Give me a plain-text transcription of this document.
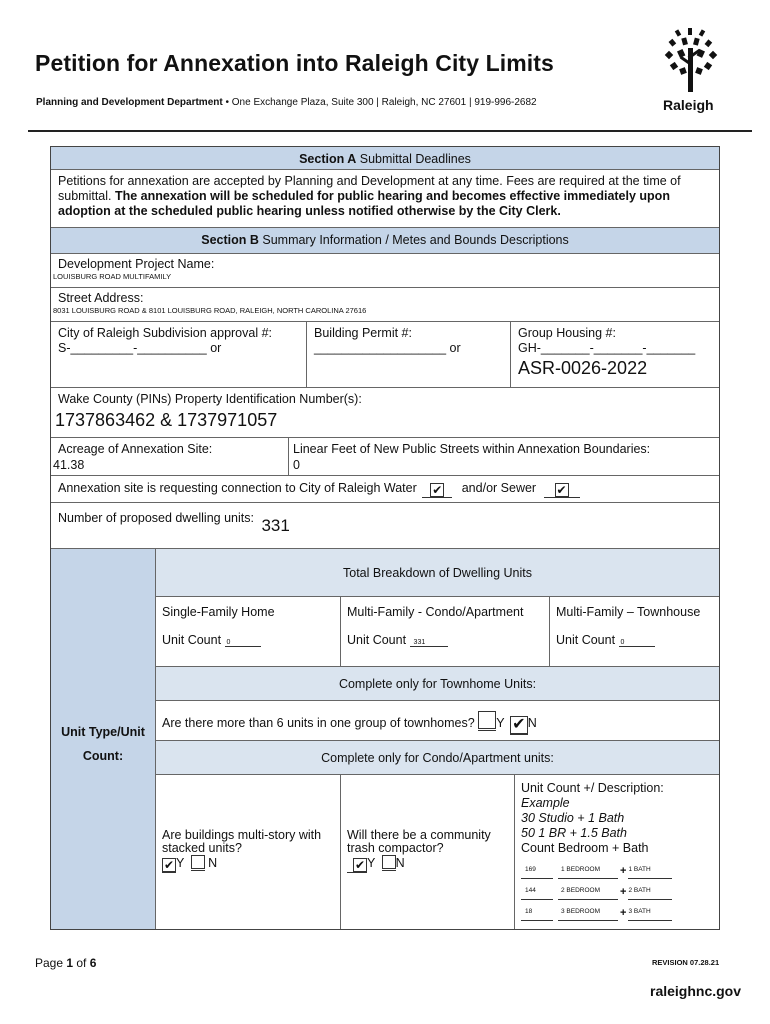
Petition for Annexation into Raleigh City Limits
Planning and Development Department • One Exchange Plaza, Suite 300 | Raleigh, NC 27601 | 919-996-2682	Raleigh
Section A Submittal Deadlines
Petitions for annexation are accepted by Planning and Development at any time. Fees are required at the time of submittal. The annexation will be scheduled for public hearing and becomes effective immediately upon adoption at the scheduled public hearing unless notified otherwise by the City Clerk.
Section B Summary Information / Metes and Bounds Descriptions
Development Project Name:
LOUISBURG ROAD MULTIFAMILY
Street Address:
8031 LOUISBURG ROAD & 8101 LOUISBURG ROAD, RALEIGH, NORTH CAROLINA 27616
City of Raleigh Subdivision approval #:
S-_________-__________ or
Building Permit #:
___________________ or
Group Housing #:
GH-_______-_______-_______
ASR-0026-2022
Wake County (PINs) Property Identification Number(s):
1737863462 & 1737971057
Acreage of Annexation Site:
41.38
Linear Feet of New Public Streets within Annexation Boundaries:
0
Annexation site is requesting connection to City of Raleigh Water ✔ and/or Sewer ✔
Number of proposed dwelling units: 331
Unit Type/Unit
Count:
Total Breakdown of Dwelling Units
Single-Family Home
Unit Count 0
Multi-Family - Condo/Apartment
Unit Count 331
Multi-Family – Townhouse
Unit Count 0
Complete only for Townhome Units:
Are there more than 6 units in one group of townhomes? Y ✔ N
Complete only for Condo/Apartment units:
Are buildings multi-story with stacked units?
✔ Y N
Will there be a community trash compactor?
✔ Y N
Unit Count +/ Description:
Example
30 Studio + 1 Bath
50 1 BR + 1.5 Bath
Count Bedroom + Bath
169	1 BEDROOM	+ 1 BATH
144	2 BEDROOM	+ 2 BATH
18	3 BEDROOM	+ 3 BATH
Page 1 of 6	REVISION 07.28.21
raleighnc.gov
